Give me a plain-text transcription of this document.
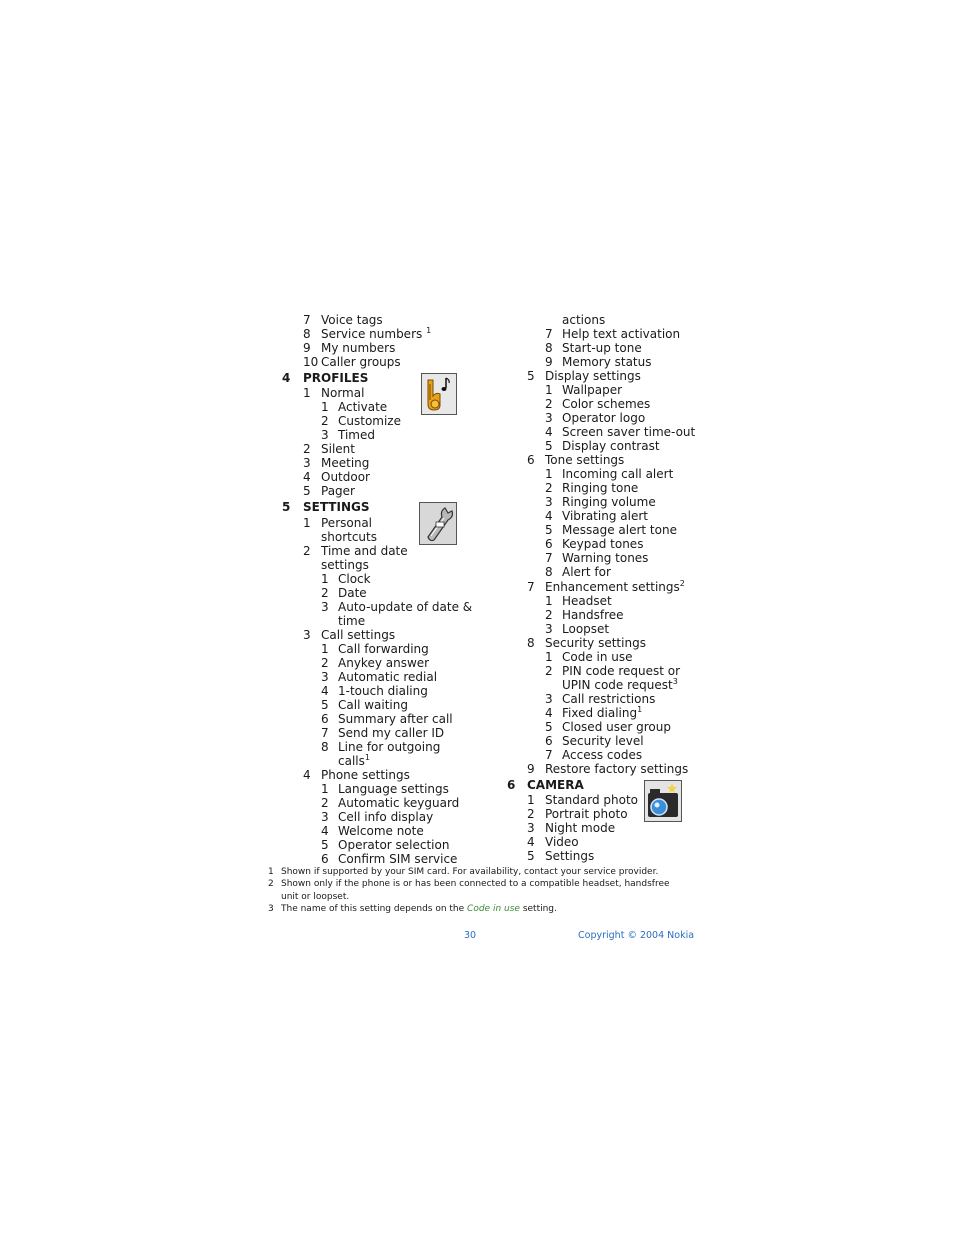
7 Voice tags
8 Service numbers $^1$
9 My numbers
10 Caller groups
4 PROFILES
1 Normal
1 Activate
2 Customize
3 Timed
2 Silent
3 Meeting
4 Outdoor
5 Pager
5 SETTINGS
1 Personal
shortcuts
2 Time and date
settings
1 Clock
2 Date
3 Auto-update of date &
time
3 Call settings
1 Call forwarding
2 Anykey answer
3 Automatic redial
4 1-touch dialing
5 Call waiting
6 Summary after call
7 Send my caller ID
8 Line for outgoing
calls$^1$
4 Phone settings
1 Language settings
2 Automatic keyguard
3 Cell info display
4 Welcome note
5 Operator selection
6 Confirm SIM service
actions
7 Help text activation
8 Start-up tone
9 Memory status
5 Display settings
1 Wallpaper
2 Color schemes
3 Operator logo
4 Screen saver time-out
5 Display contrast
6 Tone settings
1 Incoming call alert
2 Ringing tone
3 Ringing volume
4 Vibrating alert
5 Message alert tone
6 Keypad tones
7 Warning tones
8 Alert for
7 Enhancement settings$^2$
1 Headset
2 Handsfree
3 Loopset
8 Security settings
1 Code in use
2 PIN code request or
UPIN code request$^3$
3 Call restrictions
4 Fixed dialing$^1$
5 Closed user group
6 Security level
7 Access codes
9 Restore factory settings
6 CAMERA
1 Standard photo
2 Portrait photo
3 Night mode
4 Video
5 Settings
1 Shown if supported by your SIM card. For availability, contact your service provider.
2 Shown only if the phone is or has been connected to a compatible headset, handsfree
unit or loopset.
3 The name of this setting depends on the Code in use setting.
30	Copyright © 2004 Nokia
